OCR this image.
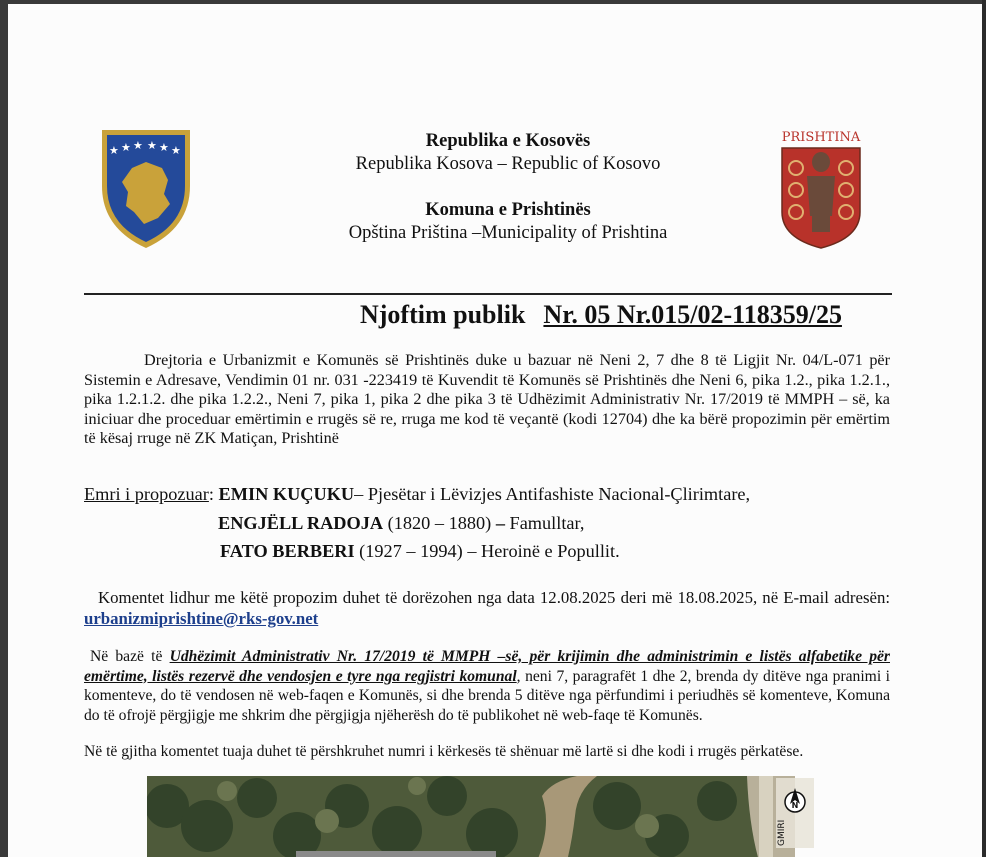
★ ★ ★ ★ ★ ★	Republika e Kosovës
Republika Kosova – Republic of Kosovo
Komuna e Prishtinës
Opština Priština –Municipality of Prishtina
PRISHTINA
Njoftim publik Nr. 05 Nr.015/02-118359/25
Drejtoria e Urbanizmit e Komunës së Prishtinës duke u bazuar në Neni 2, 7 dhe 8 të Ligjit Nr. 04/L-071 për Sistemin e Adresave, Vendimin 01 nr. 031 -223419 të Kuvendit të Komunës së Prishtinës dhe Neni 6, pika 1.2., pika 1.2.1., pika 1.2.1.2. dhe pika 1.2.2., Neni 7, pika 1, pika 2 dhe pika 3 të Udhëzimit Administrativ Nr. 17/2019 të MMPH – së, ka iniciuar dhe proceduar emërtimin e rrugës së re, rruga me kod të veçantë (kodi 12704) dhe ka bërë propozimin për emërtim të kësaj rruge në ZK Matiçan, Prishtinë
Emri i propozuar: EMIN KUÇUKU– Pjesëtar i Lëvizjes Antifashiste Nacional-Çlirimtare,
ENGJËLL RADOJA (1820 – 1880) – Famulltar,
FATO BERBERI (1927 – 1994) – Heroinë e Popullit.
Komentet lidhur me këtë propozim duhet të dorëzohen nga data 12.08.2025 deri më 18.08.2025, në E-mail adresën: urbanizmiprishtine@rks-gov.net
Në bazë të Udhëzimit Administrativ Nr. 17/2019 të MMPH –së, për krijimin dhe administrimin e listës alfabetike për emërtime, listës rezervë dhe vendosjen e tyre nga regjistri komunal, neni 7, paragrafët 1 dhe 2, brenda dy ditëve nga pranimi i komenteve, do të vendosen në web-faqen e Komunës, si dhe brenda 5 ditëve nga përfundimi i periudhës së komenteve, Komuna do të ofrojë përgjigje me shkrim dhe përgjigja njëherësh do të publikohet në web-faqe të Komunës.
Në të gjitha komentet tuaja duhet të përshkruhet numri i kërkesës të shënuar më lartë si dhe kodi i rrugës përkatëse.
N
GMIRI
